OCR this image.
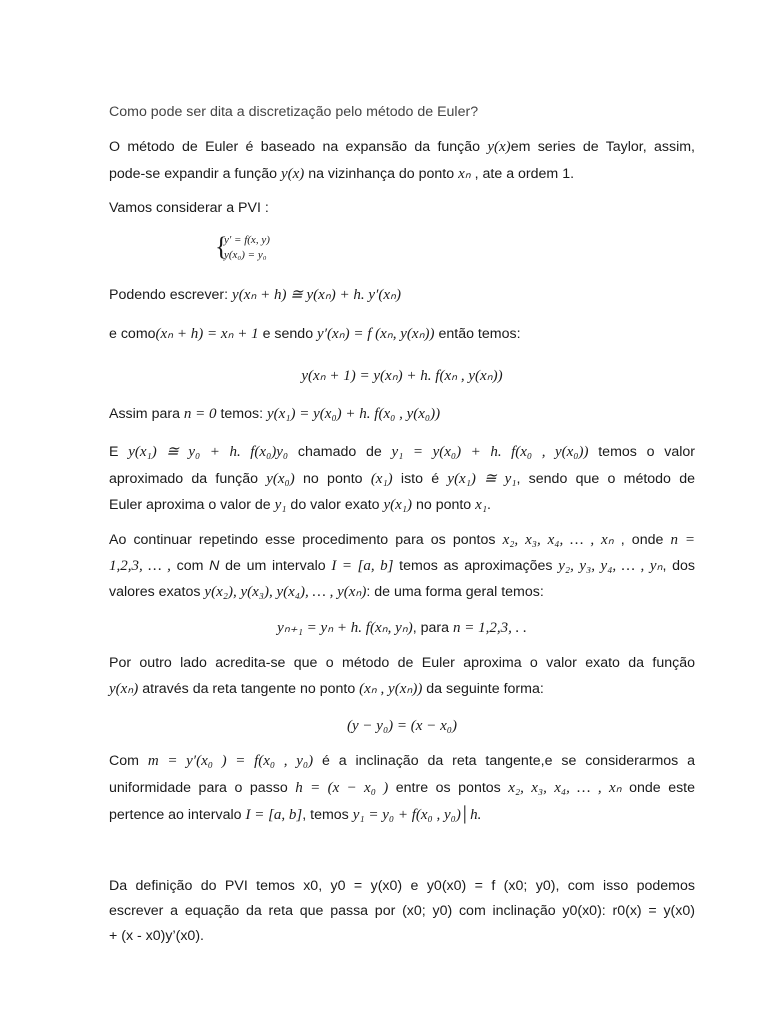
Como pode ser dita a discretização pelo método de Euler?
O método de Euler é baseado na expansão da função y(x)em series de Taylor, assim,
pode-se expandir a função y(x) na vizinhança do ponto xₙ , ate a ordem 1.
Vamos considerar a PVI :
{
y′ = f(x, y)
y(x₀) = y₀
Podendo escrever: y(xₙ + h) ≅ y(xₙ) + h. y′(xₙ)
e como(xₙ + h) = xₙ + 1 e sendo y′(xₙ) = f (xₙ, y(xₙ)) então temos:
y(xₙ + 1) = y(xₙ) + h. f(xₙ , y(xₙ))
Assim para n = 0 temos: y(x₁) = y(x₀) + h. f(x₀ , y(x₀))
E y(x₁) ≅ y₀ + h. f(x₀)y₀ chamado de y₁ = y(x₀) + h. f(x₀ , y(x₀)) temos o valor
aproximado da função y(x₀) no ponto (x₁) isto é y(x₁) ≅ y₁, sendo que o método de
Euler aproxima o valor de y₁ do valor exato y(x₁) no ponto x₁.
Ao continuar repetindo esse procedimento para os pontos x₂, x₃, x₄, … , xₙ , onde n =
1,2,3, … , com N de um intervalo I = [a, b] temos as aproximações y₂, y₃, y₄, … , yₙ, dos
valores exatos y(x₂), y(x₃), y(x₄), … , y(xₙ): de uma forma geral temos:
yₙ₊₁ = yₙ + h. f(xₙ, yₙ), para n = 1,2,3, . .
Por outro lado acredita-se que o método de Euler aproxima o valor exato da função
y(xₙ) através da reta tangente no ponto (xₙ , y(xₙ)) da seguinte forma:
(y − y₀) = (x − x₀)
Com m = y′(x₀ ) = f(x₀ , y₀) é a inclinação da reta tangente,e se considerarmos a
uniformidade para o passo h = (x − x₀ ) entre os pontos x₂, x₃, x₄, … , xₙ onde este
pertence ao intervalo I = [a, b], temos y₁ = y₀ + f(x₀ , y₀)│h.
Da definição do PVI temos x0, y0 = y(x0) e y0(x0) = f (x0; y0), com isso podemos
escrever a equação da reta que passa por (x0; y0) com inclinação y0(x0): r0(x) = y(x0)
+ (x - x0)y’(x0).
